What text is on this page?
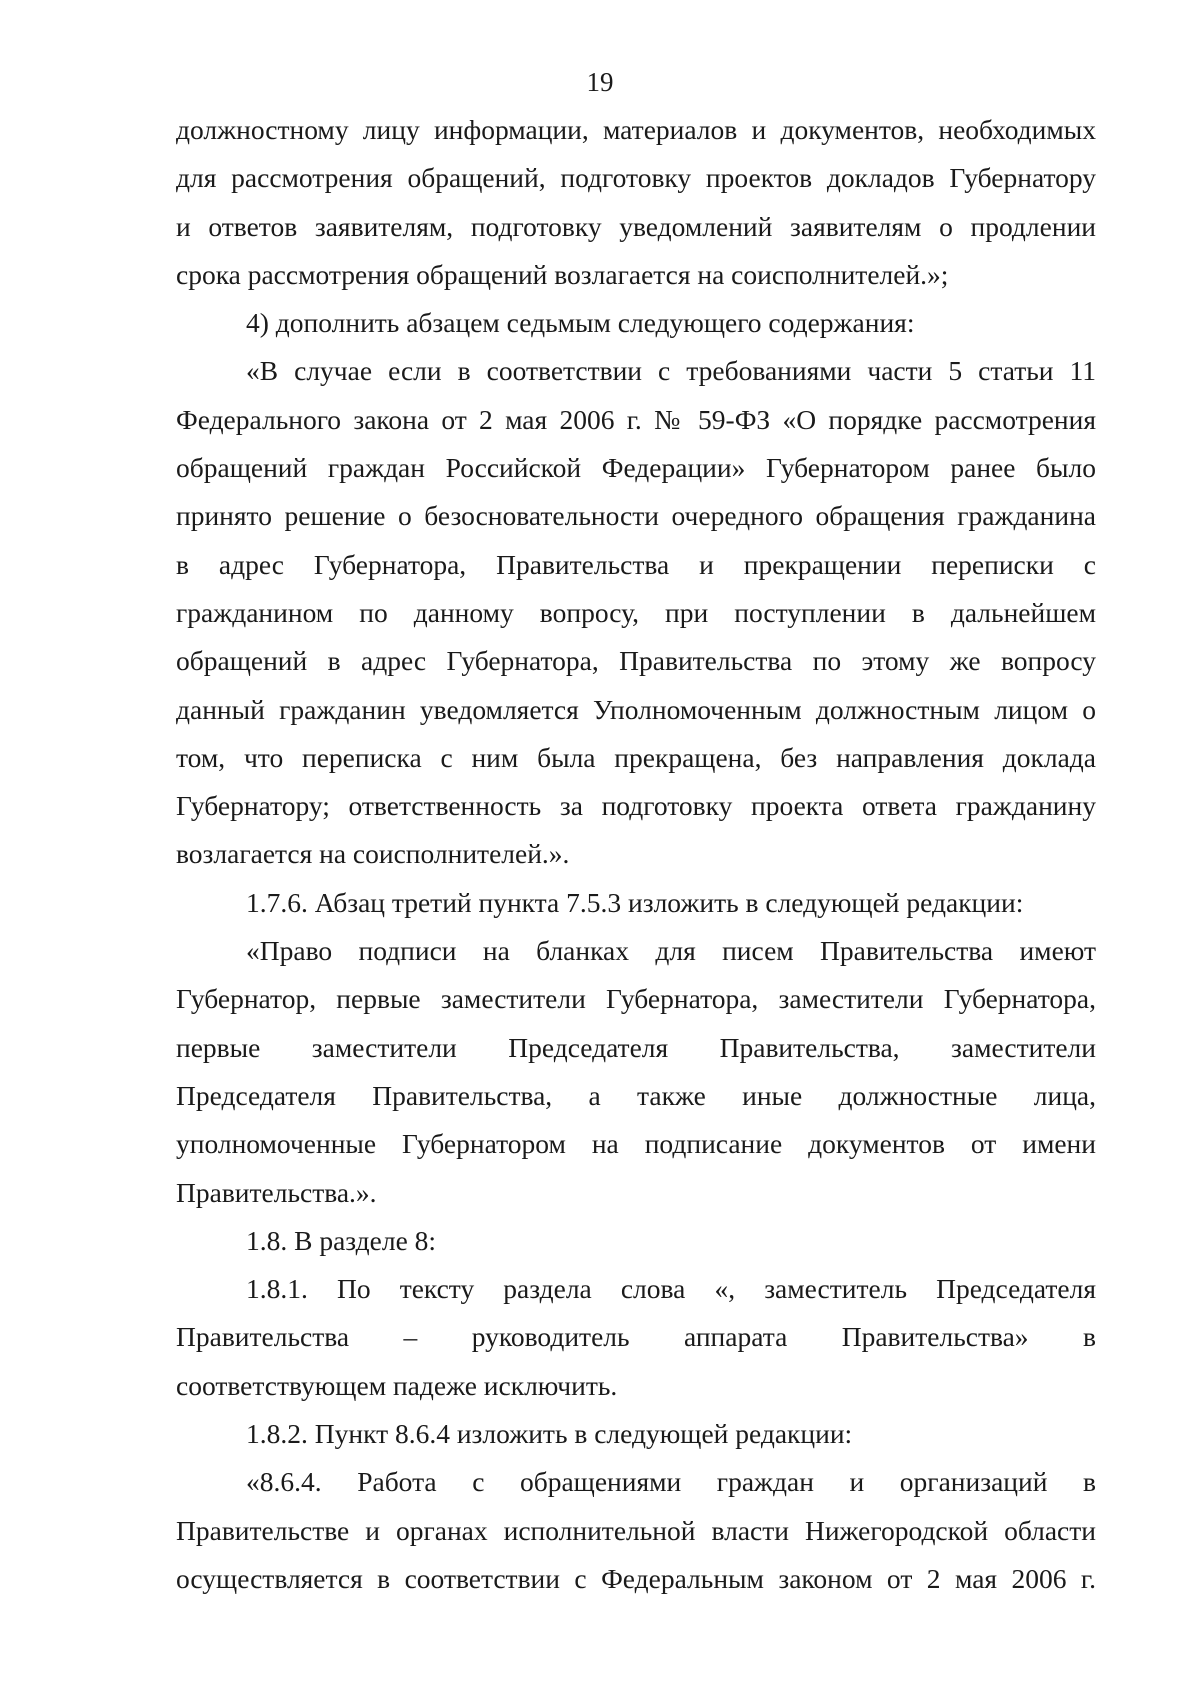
19
должностному лицу информации, материалов и документов, необходимых
для рассмотрения обращений, подготовку проектов докладов Губернатору
и ответов заявителям, подготовку уведомлений заявителям о продлении
срока рассмотрения обращений возлагается на соисполнителей.»;
4) дополнить абзацем седьмым следующего содержания:
«В случае если в соответствии с требованиями части 5 статьи 11
Федерального закона от 2 мая 2006 г. № 59-ФЗ «О порядке рассмотрения
обращений граждан Российской Федерации» Губернатором ранее было
принято решение о безосновательности очередного обращения гражданина
в адрес Губернатора, Правительства и прекращении переписки с
гражданином по данному вопросу, при поступлении в дальнейшем
обращений в адрес Губернатора, Правительства по этому же вопросу
данный гражданин уведомляется Уполномоченным должностным лицом о
том, что переписка с ним была прекращена, без направления доклада
Губернатору; ответственность за подготовку проекта ответа гражданину
возлагается на соисполнителей.».
1.7.6. Абзац третий пункта 7.5.3 изложить в следующей редакции:
«Право подписи на бланках для писем Правительства имеют
Губернатор, первые заместители Губернатора, заместители Губернатора,
первые заместители Председателя Правительства, заместители
Председателя Правительства, а также иные должностные лица,
уполномоченные Губернатором на подписание документов от имени
Правительства.».
1.8. В разделе 8:
1.8.1. По тексту раздела слова «, заместитель Председателя
Правительства – руководитель аппарата Правительства» в
соответствующем падеже исключить.
1.8.2. Пункт 8.6.4 изложить в следующей редакции:
«8.6.4. Работа с обращениями граждан и организаций в
Правительстве и органах исполнительной власти Нижегородской области
осуществляется в соответствии с Федеральным законом от 2 мая 2006 г.
